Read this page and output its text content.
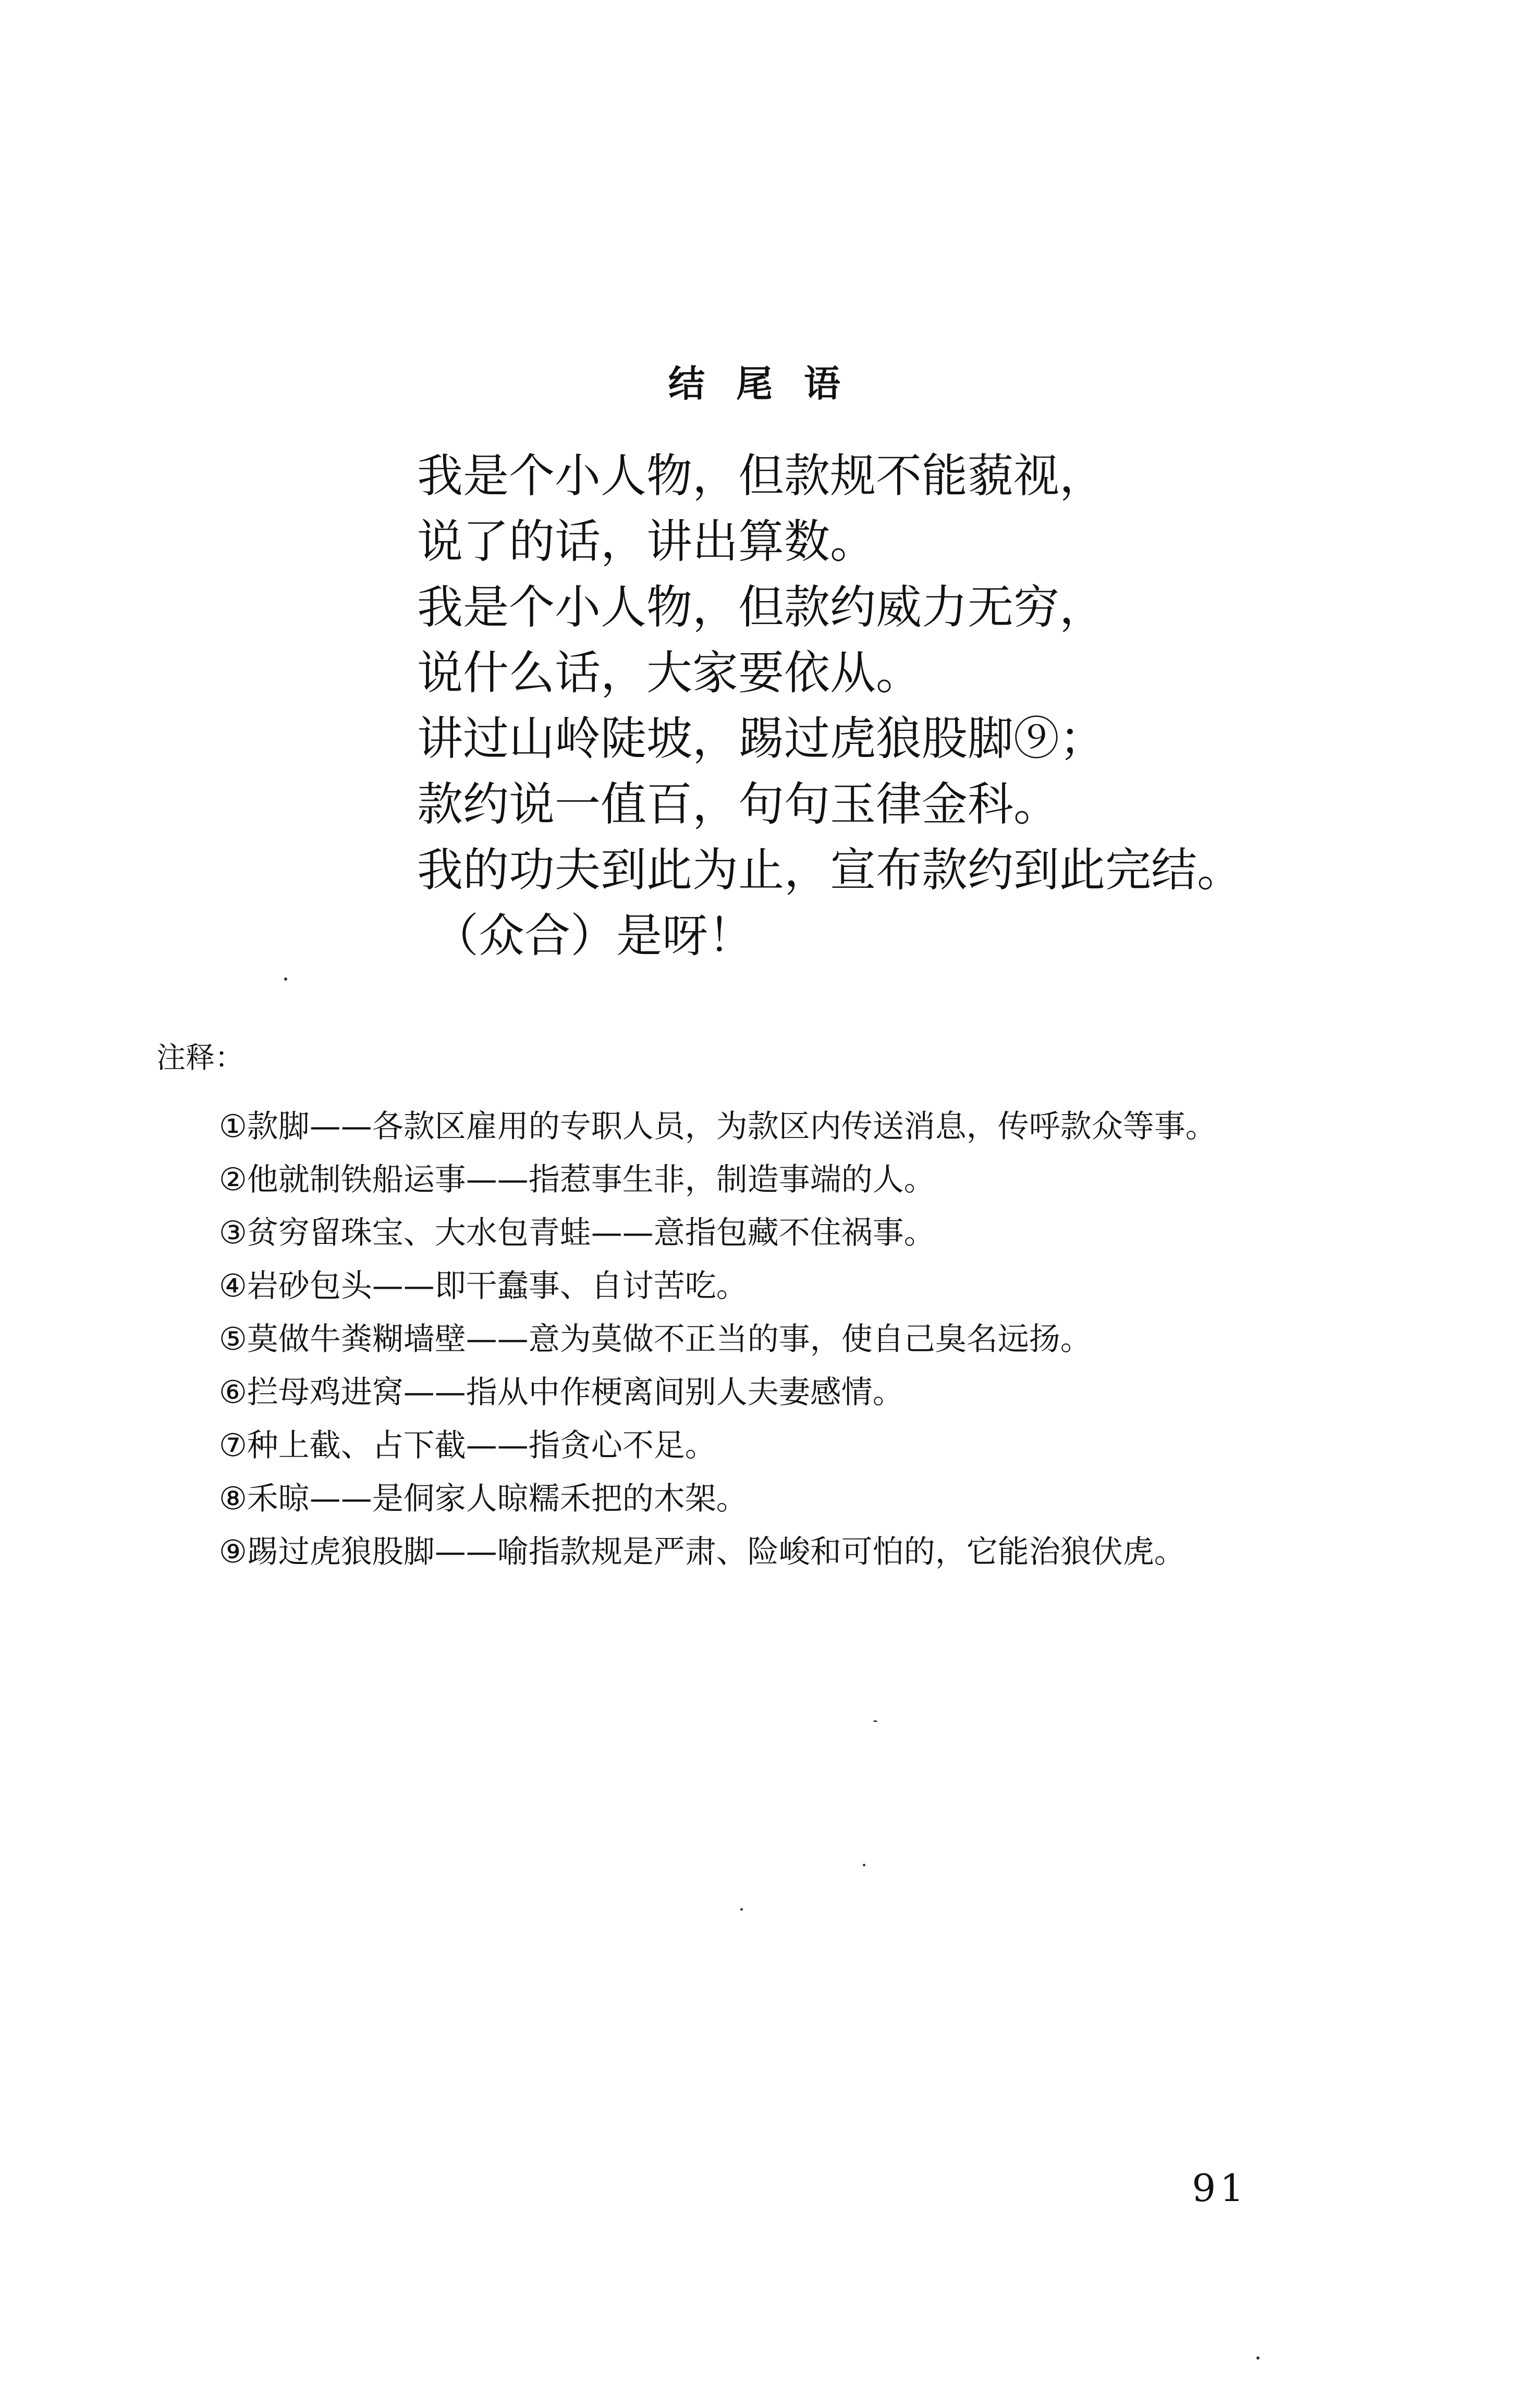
结尾语
我是个小人物，但款规不能藐视，
说了的话，讲出算数。
我是个小人物，但款约威力无穷，
说什么话，大家要依从。
讲过山岭陡坡，踢过虎狼股脚⑨；
款约说一值百，句句玉律金科。
我的功夫到此为止，宣布款约到此完结。
（众合）是呀！
注释：
①款脚——各款区雇用的专职人员，为款区内传送消息，传呼款众等事。
②他就制铁船运事——指惹事生非，制造事端的人。
③贫穷留珠宝、大水包青蛙——意指包藏不住祸事。
④岩砂包头——即干蠢事、自讨苦吃。
⑤莫做牛粪糊墙壁——意为莫做不正当的事，使自己臭名远扬。
⑥拦母鸡进窝——指从中作梗离间别人夫妻感情。
⑦种上截、占下截——指贪心不足。
⑧禾晾——是侗家人晾糯禾把的木架。
⑨踢过虎狼股脚——喻指款规是严肃、险峻和可怕的，它能治狼伏虎。
91
